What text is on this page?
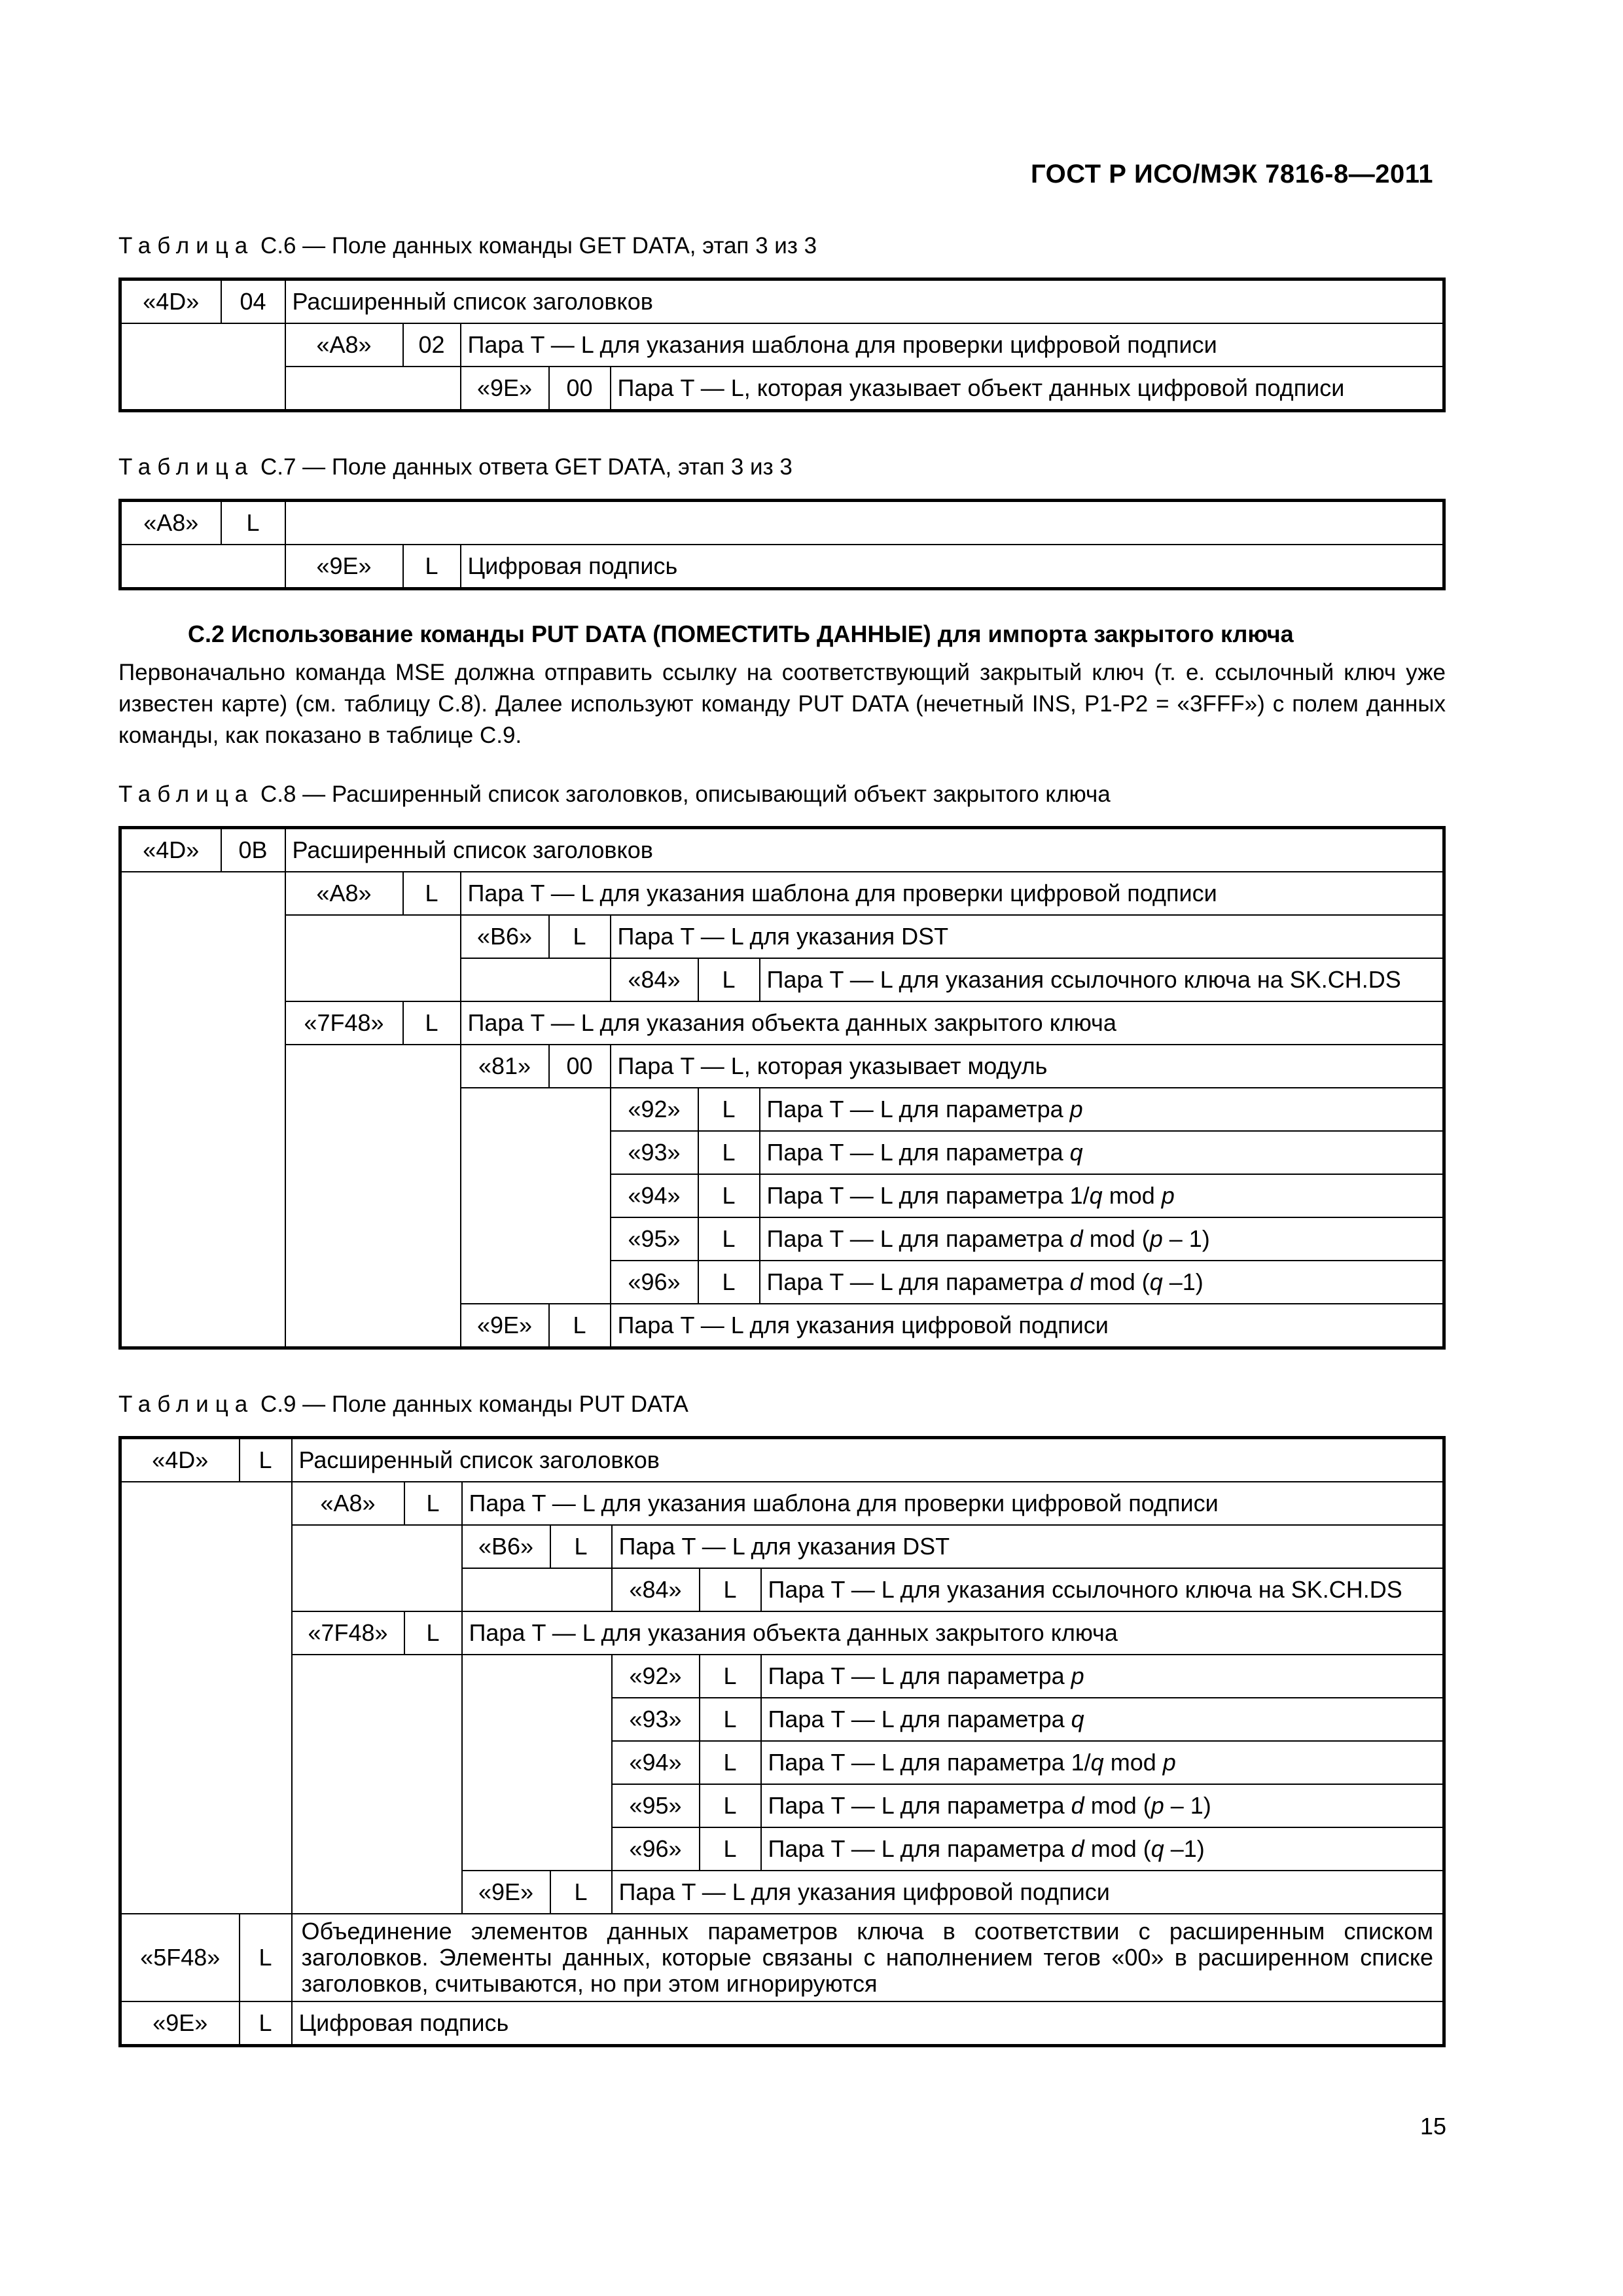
ГОСТ Р ИСО/МЭК 7816-8—2011
Таблица C.6 — Поле данных команды GET DATA, этап 3 из 3
«4D»	04	Расширенный список заголовков				
		«A8»	02	Пара T — L для указания шаблона для проверки цифровой подписи		
				«9E»	00	Пара T — L, которая указывает объект данных цифровой подписи
Таблица C.7 — Поле данных ответа GET DATA, этап 3 из 3
«A8»	L			
		«9E»	L	Цифровая подпись
C.2 Использование команды PUT DATA (ПОМЕСТИТЬ ДАННЫЕ) для импорта закрытого ключа
Первоначально команда MSE должна отправить ссылку на соответствующий закрытый ключ (т. е. ссылочный ключ уже известен карте) (см. таблицу C.8). Далее используют команду PUT DATA (нечетный INS, P1-P2 = «3FFF») с полем данных команды, как показано в таблице C.9.
Таблица C.8 — Расширенный список заголовков, описывающий объект закрытого ключа
«4D»	0B	Расширенный список заголовков						
		«A8»	L	Пара T — L для указания шаблона для проверки цифровой подписи				
				«B6»	L	Пара T — L для указания DST		
						«84»	L	Пара T — L для указания ссылочного ключа на SK.CH.DS
		«7F48»	L	Пара T — L для указания объекта данных закрытого ключа				
				«81»	00	Пара T — L, которая указывает модуль		
						«92»	L	Пара T — L для параметра p
						«93»	L	Пара T — L для параметра q
						«94»	L	Пара T — L для параметра 1/q mod p
						«95»	L	Пара T — L для параметра d mod (p – 1)
						«96»	L	Пара T — L для параметра d mod (q –1)
				«9E»	L	Пара T — L для указания цифровой подписи		
Таблица C.9 — Поле данных команды PUT DATA
«4D»	L	Расширенный список заголовков						
		«A8»	L	Пара T — L для указания шаблона для проверки цифровой подписи				
				«B6»	L	Пара T — L для указания DST		
						«84»	L	Пара T — L для указания ссылочного ключа на SK.CH.DS
		«7F48»	L	Пара T — L для указания объекта данных закрытого ключа				
						«92»	L	Пара T — L для параметра p
						«93»	L	Пара T — L для параметра q
						«94»	L	Пара T — L для параметра 1/q mod p
						«95»	L	Пара T — L для параметра d mod (p – 1)
						«96»	L	Пара T — L для параметра d mod (q –1)
				«9E»	L	Пара T — L для указания цифровой подписи		
«5F48»	L	Объединение элементов данных параметров ключа в соответствии с расширенным списком заголовков. Элементы данных, которые связаны с наполнением тегов «00» в расширенном списке заголовков, считываются, но при этом игнорируются						
«9E»	L	Цифровая подпись						
15
